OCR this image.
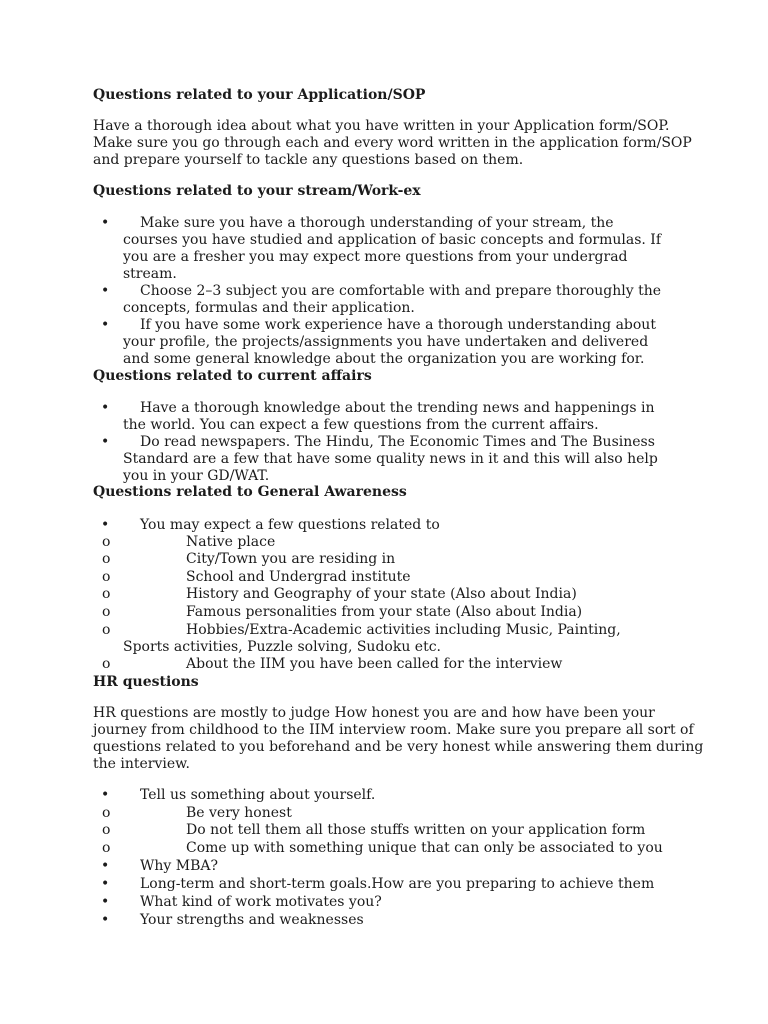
Questions related to your Application/SOP
Have a thorough idea about what you have written in your Application form/SOP.
Make sure you go through each and every word written in the application form/SOP
and prepare yourself to tackle any questions based on them.
Questions related to your stream/Work-ex
• Make sure you have a thorough understanding of your stream, the
courses you have studied and application of basic concepts and formulas. If
you are a fresher you may expect more questions from your undergrad
stream.
• Choose 2–3 subject you are comfortable with and prepare thoroughly the
concepts, formulas and their application.
• If you have some work experience have a thorough understanding about
your profile, the projects/assignments you have undertaken and delivered
and some general knowledge about the organization you are working for.
Questions related to current affairs
• Have a thorough knowledge about the trending news and happenings in
the world. You can expect a few questions from the current affairs.
• Do read newspapers. The Hindu, The Economic Times and The Business
Standard are a few that have some quality news in it and this will also help
you in your GD/WAT.
Questions related to General Awareness
• You may expect a few questions related to
o	Native place
o	City/Town you are residing in
o	School and Undergrad institute
o	History and Geography of your state (Also about India)
o	Famous personalities from your state (Also about India)
o	Hobbies/Extra-Academic activities including Music, Painting,
Sports activities, Puzzle solving, Sudoku etc.
o	About the IIM you have been called for the interview
HR questions
HR questions are mostly to judge How honest you are and how have been your
journey from childhood to the IIM interview room. Make sure you prepare all sort of
questions related to you beforehand and be very honest while answering them during
the interview.
• Tell us something about yourself.
o	Be very honest
o	Do not tell them all those stuffs written on your application form
o	Come up with something unique that can only be associated to you
• Why MBA?
• Long-term and short-term goals.How are you preparing to achieve them
• What kind of work motivates you?
• Your strengths and weaknesses
